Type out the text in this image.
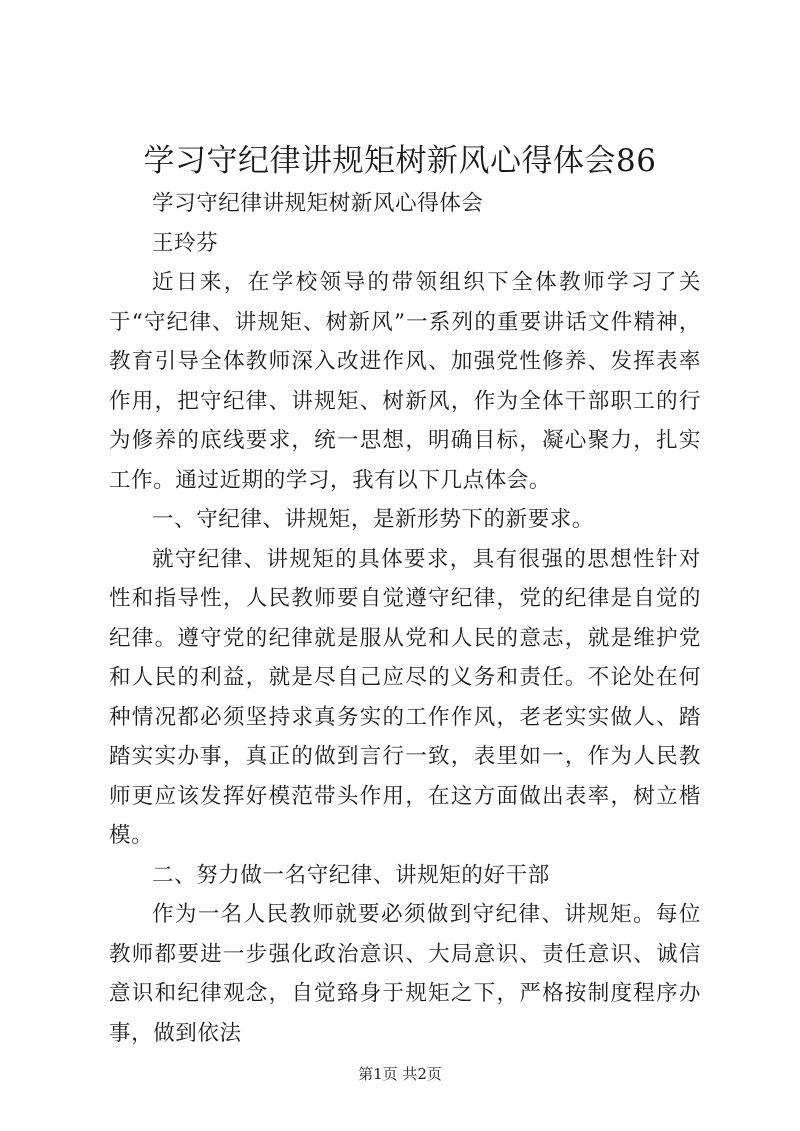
学习守纪律讲规矩树新风心得体会86

学习守纪律讲规矩树新风心得体会

王玲芬

近日来，在学校领导的带领组织下全体教师学习了关于“守纪律、讲规矩、树新风”一系列的重要讲话文件精神，教育引导全体教师深入改进作风、加强党性修养、发挥表率作用，把守纪律、讲规矩、树新风，作为全体干部职工的行为修养的底线要求，统一思想，明确目标，凝心聚力，扎实工作。通过近期的学习，我有以下几点体会。

一、守纪律、讲规矩，是新形势下的新要求。

就守纪律、讲规矩的具体要求，具有很强的思想性针对性和指导性，人民教师要自觉遵守纪律，党的纪律是自觉的纪律。遵守党的纪律就是服从党和人民的意志，就是维护党和人民的利益，就是尽自己应尽的义务和责任。不论处在何种情况都必须坚持求真务实的工作作风，老老实实做人、踏踏实实办事，真正的做到言行一致，表里如一，作为人民教师更应该发挥好模范带头作用，在这方面做出表率，树立楷模。

二、努力做一名守纪律、讲规矩的好干部

作为一名人民教师就要必须做到守纪律、讲规矩。每位教师都要进一步强化政治意识、大局意识、责任意识、诚信意识和纪律观念，自觉臵身于规矩之下，严格按制度程序办事，做到依法

第1页 共2页
